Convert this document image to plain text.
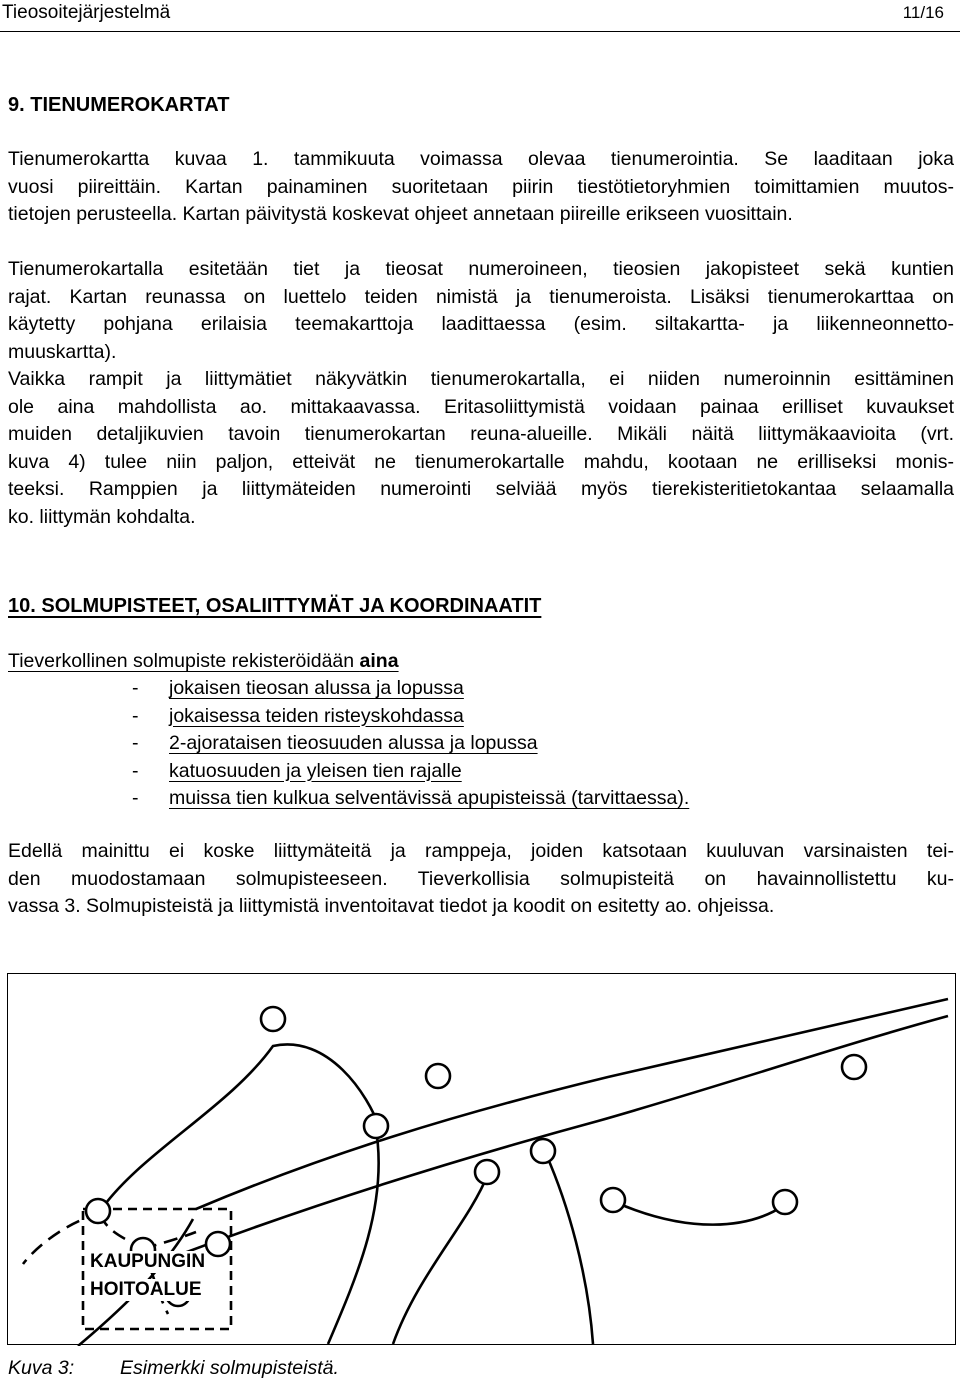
Tieosoitejärjestelmä	11/16
9. TIENUMEROKARTAT
Tienumerokartta kuvaa 1. tammikuuta voimassa olevaa tienumerointia. Se laaditaan joka
vuosi piireittäin. Kartan painaminen suoritetaan piirin tiestötietoryhmien toimittamien muutos-
tietojen perusteella. Kartan päivitystä koskevat ohjeet annetaan piireille erikseen vuosittain.
Tienumerokartalla esitetään tiet ja tieosat numeroineen, tieosien jakopisteet sekä kuntien
rajat. Kartan reunassa on luettelo teiden nimistä ja tienumeroista. Lisäksi tienumerokarttaa on
käytetty pohjana erilaisia teemakarttoja laadittaessa (esim. siltakartta- ja liikenneonnetto-
muuskartta).
Vaikka rampit ja liittymätiet näkyvätkin tienumerokartalla, ei niiden numeroinnin esittäminen
ole aina mahdollista ao. mittakaavassa. Eritasoliittymistä voidaan painaa erilliset kuvaukset
muiden detaljikuvien tavoin tienumerokartan reuna-alueille. Mikäli näitä liittymäkaavioita (vrt.
kuva 4) tulee niin paljon, etteivät ne tienumerokartalle mahdu, kootaan ne erilliseksi monis-
teeksi. Ramppien ja liittymäteiden numerointi selviää myös tierekisteritietokantaa selaamalla
ko. liittymän kohdalta.
10. SOLMUPISTEET, OSALIITTYMÄT JA KOORDINAATIT
Tieverkollinen solmupiste rekisteröidään aina
- jokaisen tieosan alussa ja lopussa
- jokaisessa teiden risteyskohdassa
- 2-ajorataisen tieosuuden alussa ja lopussa
- katuosuuden ja yleisen tien rajalle
- muissa tien kulkua selventävissä apupisteissä (tarvittaessa).
Edellä mainittu ei koske liittymäteitä ja ramppeja, joiden katsotaan kuuluvan varsinaisten tei-
den muodostamaan solmupisteeseen. Tieverkollisia solmupisteitä on havainnollistettu ku-
vassa 3. Solmupisteistä ja liittymistä inventoitavat tiedot ja koodit on esitetty ao. ohjeissa.
KAUPUNGIN
HOITOALUE
Kuva 3: Esimerkki solmupisteistä.
